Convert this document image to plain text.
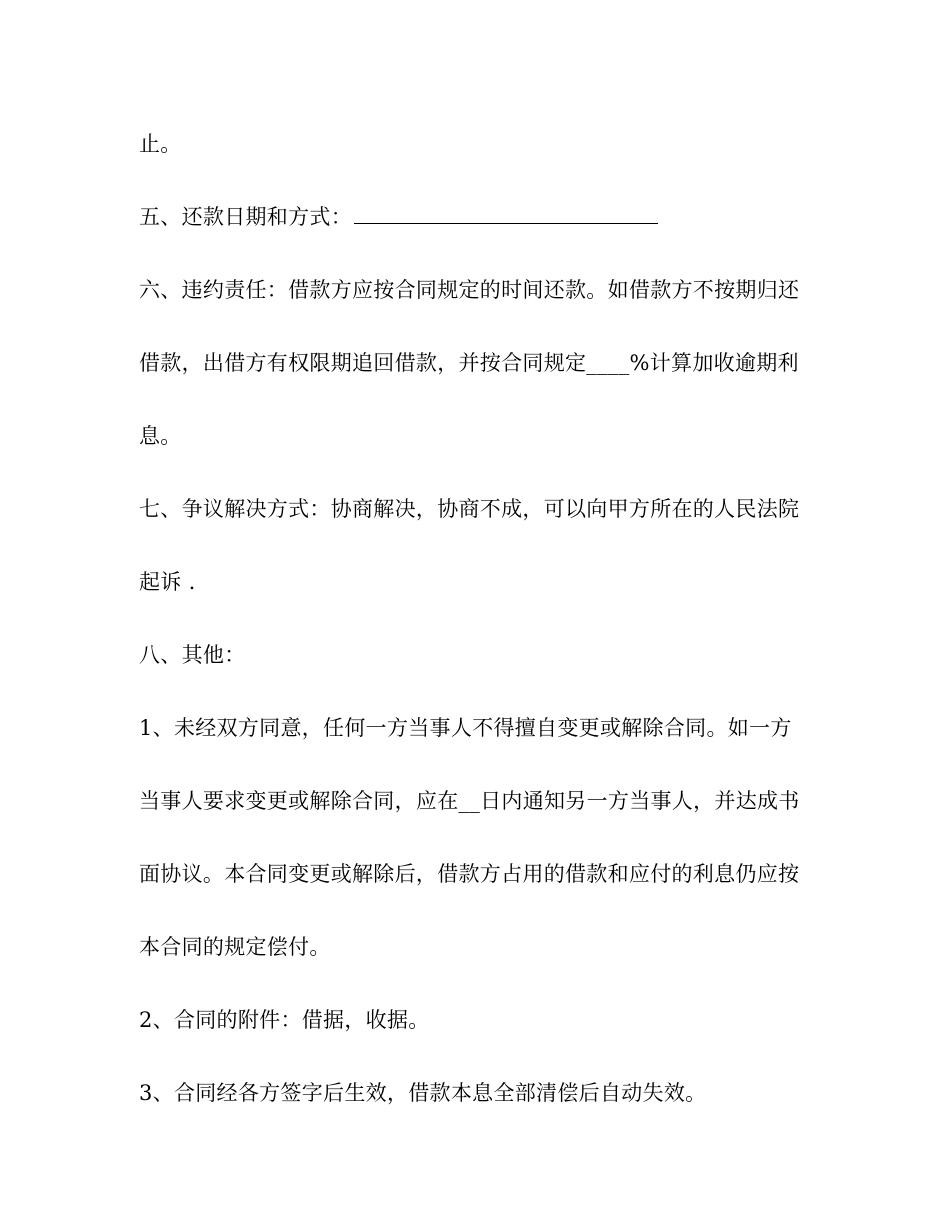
止。
五、还款日期和方式：
六、违约责任：借款方应按合同规定的时间还款。如借款方不按期归还
借款，出借方有权限期追回借款，并按合同规定____%计算加收逾期利
息。
七、争议解决方式：协商解决，协商不成，可以向甲方所在的人民法院
起诉 .
八、其他：
1、未经双方同意，任何一方当事人不得擅自变更或解除合同。如一方
当事人要求变更或解除合同，应在__日内通知另一方当事人，并达成书
面协议。本合同变更或解除后，借款方占用的借款和应付的利息仍应按
本合同的规定偿付。
2、合同的附件：借据，收据。
3、合同经各方签字后生效，借款本息全部清偿后自动失效。
